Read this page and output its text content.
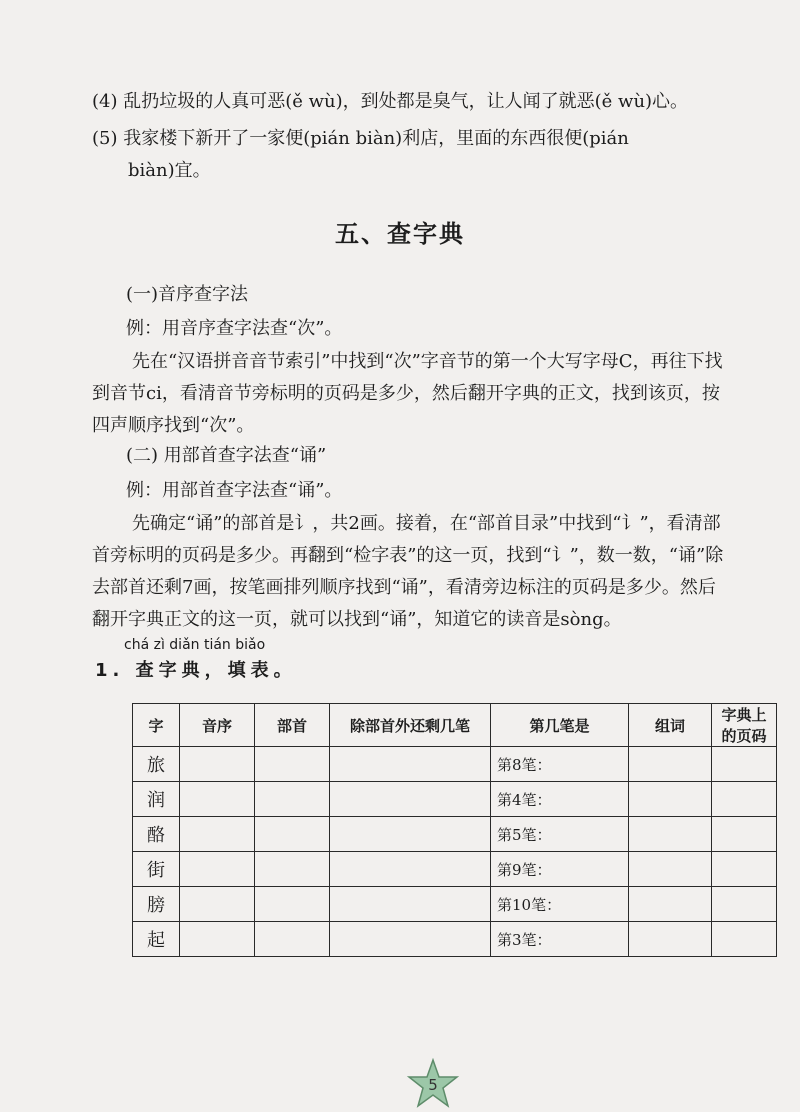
(4) 乱扔垃圾的人真可恶(ě wù)，到处都是臭气，让人闻了就恶(ě wù)心。
(5) 我家楼下新开了一家便(pián biàn)利店，里面的东西很便(pián
biàn)宜。
五、查字典
(一)音序查字法
例：用音序查字法查“次”。
先在“汉语拼音音节索引”中找到“次”字音节的第一个大写字母C，再往下找到音节ci，看清音节旁标明的页码是多少，然后翻开字典的正文，找到该页，按四声顺序找到“次”。
(二) 用部首查字法查“诵”
例：用部首查字法查“诵”。
先确定“诵”的部首是讠，共2画。接着，在“部首目录”中找到“讠”，看清部首旁标明的页码是多少。再翻到“检字表”的这一页，找到“讠”，数一数，“诵”除去部首还剩7画，按笔画排列顺序找到“诵”，看清旁边标注的页码是多少。然后翻开字典正文的这一页，就可以找到“诵”，知道它的读音是sòng。
chá zì diǎn tián biǎo
1. 查字典，填表。
字	音序	部首	除部首外还剩几笔	第几笔是	组词	字典上的页码
旅				第8笔：		
润				第4笔：		
酪				第5笔：		
街				第9笔：		
膀				第10笔：		
起				第3笔：		
5
